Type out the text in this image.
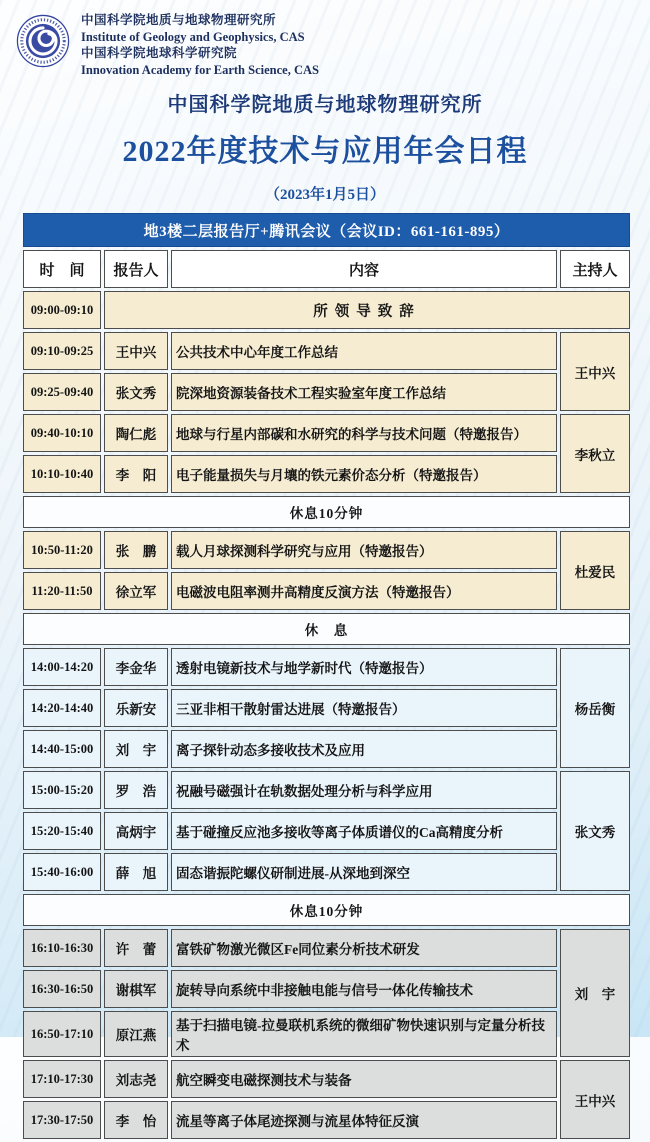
中国科学院地质与地球物理研究所
Institute of Geology and Geophysics, CAS
中国科学院地球科学研究院
Innovation Academy for Earth Science, CAS
中国科学院地质与地球物理研究所
2022年度技术与应用年会日程
（2023年1月5日）
地3楼二层报告厅+腾讯会议（会议ID：661-161-895）			
时　间	报告人	内容	主持人
09:00-09:10	所领导致辞		
09:10-09:25	王中兴	公共技术中心年度工作总结	王中兴
09:25-09:40	张文秀	院深地资源装备技术工程实验室年度工作总结	
09:40-10:10	陶仁彪	地球与行星内部碳和水研究的科学与技术问题（特邀报告）	李秋立
10:10-10:40	李　阳	电子能量损失与月壤的铁元素价态分析（特邀报告）	
休息10分钟			
10:50-11:20	张　鹏	载人月球探测科学研究与应用（特邀报告）	杜爱民
11:20-11:50	徐立军	电磁波电阻率测井高精度反演方法（特邀报告）	
休　息			
14:00-14:20	李金华	透射电镜新技术与地学新时代（特邀报告）	杨岳衡
14:20-14:40	乐新安	三亚非相干散射雷达进展（特邀报告）	
14:40-15:00	刘　宇	离子探针动态多接收技术及应用	
15:00-15:20	罗　浩	祝融号磁强计在轨数据处理分析与科学应用	张文秀
15:20-15:40	高炳宇	基于碰撞反应池多接收等离子体质谱仪的Ca高精度分析	
15:40-16:00	薛　旭	固态谐振陀螺仪研制进展-从深地到深空	
休息10分钟			
16:10-16:30	许　蕾	富铁矿物激光微区Fe同位素分析技术研发	刘　宇
16:30-16:50	谢棋军	旋转导向系统中非接触电能与信号一体化传输技术	
16:50-17:10	原江燕	基于扫描电镜-拉曼联机系统的微细矿物快速识别与定量分析技术	
17:10-17:30	刘志尧	航空瞬变电磁探测技术与装备	王中兴
17:30-17:50	李　怡	流星等离子体尾迹探测与流星体特征反演	
